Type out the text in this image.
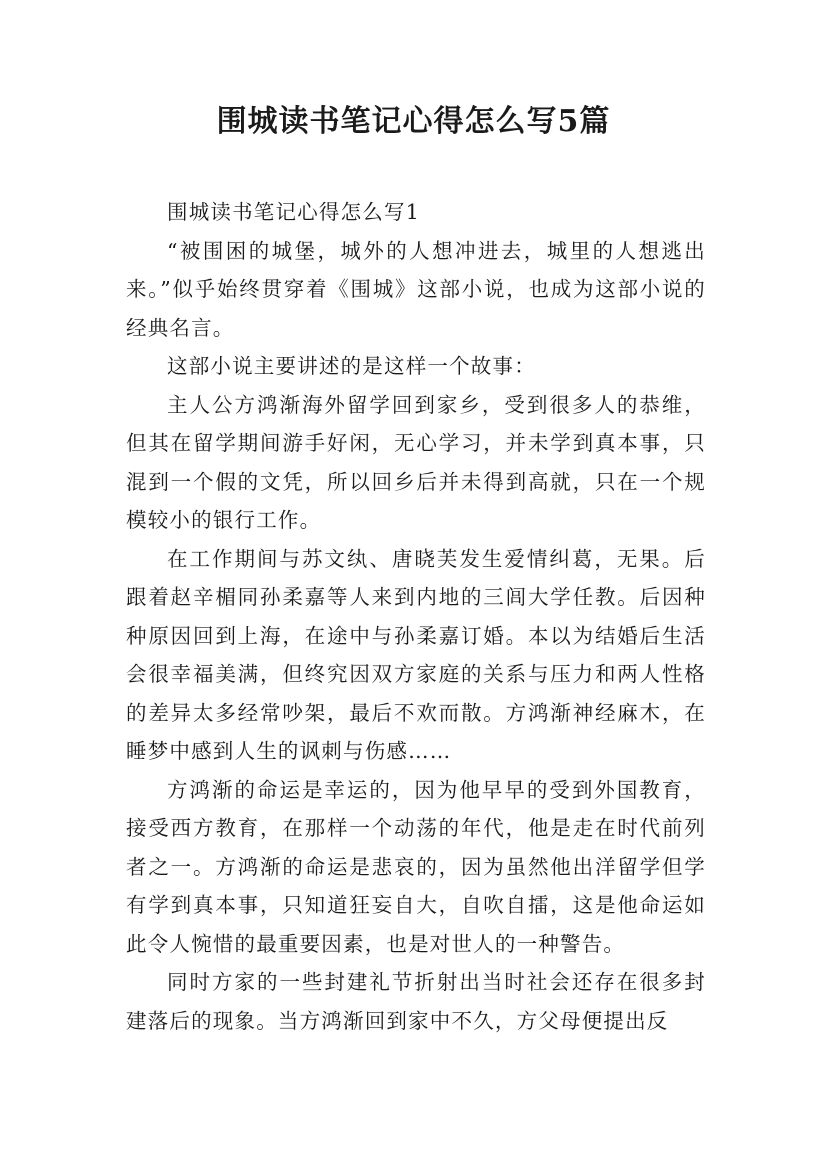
围城读书笔记心得怎么写5篇

围城读书笔记心得怎么写1

“被围困的城堡，城外的人想冲进去，城里的人想逃出来。”似乎始终贯穿着《围城》这部小说，也成为这部小说的经典名言。

这部小说主要讲述的是这样一个故事：

主人公方鸿渐海外留学回到家乡，受到很多人的恭维，但其在留学期间游手好闲，无心学习，并未学到真本事，只混到一个假的文凭，所以回乡后并未得到高就，只在一个规模较小的银行工作。

在工作期间与苏文纨、唐晓芙发生爱情纠葛，无果。后跟着赵辛楣同孙柔嘉等人来到内地的三闾大学任教。后因种种原因回到上海，在途中与孙柔嘉订婚。本以为结婚后生活会很幸福美满，但终究因双方家庭的关系与压力和两人性格的差异太多经常吵架，最后不欢而散。方鸿渐神经麻木，在睡梦中感到人生的讽刺与伤感……

方鸿渐的命运是幸运的，因为他早早的受到外国教育，接受西方教育，在那样一个动荡的年代，他是走在时代前列者之一。方鸿渐的命运是悲哀的，因为虽然他出洋留学但学有学到真本事，只知道狂妄自大，自吹自擂，这是他命运如此令人惋惜的最重要因素，也是对世人的一种警告。

同时方家的一些封建礼节折射出当时社会还存在很多封建落后的现象。当方鸿渐回到家中不久，方父母便提出反
